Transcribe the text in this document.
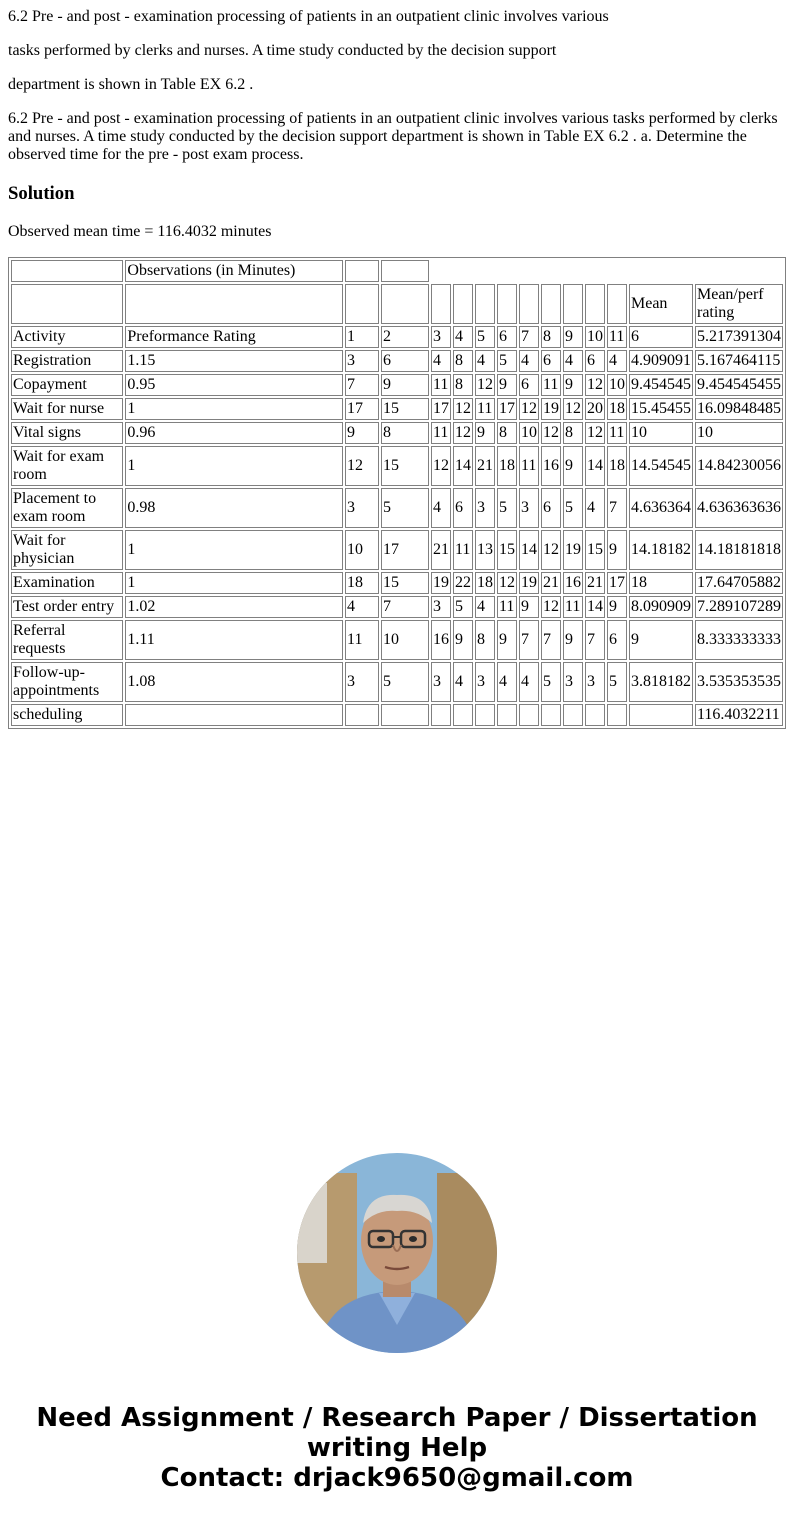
6.2 Pre - and post - examination processing of patients in an outpatient clinic involves various

tasks performed by clerks and nurses. A time study conducted by the decision support

department is shown in Table EX 6.2 .

6.2 Pre - and post - examination processing of patients in an outpatient clinic involves various tasks performed by clerks and nurses. A time study conducted by the decision support department is shown in Table EX 6.2 . a. Determine the observed time for the pre - post exam process.

Solution

Observed mean time = 116.4032 minutes

	Observations (in Minutes)													
													Mean	Mean/perf rating
Activity	Preformance Rating	1	2	3	4	5	6	7	8	9	10	11	6	5.217391304
Registration	1.15	3	6	4	8	4	5	4	6	4	6	4	4.909091	5.167464115
Copayment	0.95	7	9	11	8	12	9	6	11	9	12	10	9.454545	9.454545455
Wait for nurse	1	17	15	17	12	11	17	12	19	12	20	18	15.45455	16.09848485
Vital signs	0.96	9	8	11	12	9	8	10	12	8	12	11	10	10
Wait for exam room	1	12	15	12	14	21	18	11	16	9	14	18	14.54545	14.84230056
Placement to exam room	0.98	3	5	4	6	3	5	3	6	5	4	7	4.636364	4.636363636
Wait for physician	1	10	17	21	11	13	15	14	12	19	15	9	14.18182	14.18181818
Examination	1	18	15	19	22	18	12	19	21	16	21	17	18	17.64705882
Test order entry	1.02	4	7	3	5	4	11	9	12	11	14	9	8.090909	7.289107289
Referral requests	1.11	11	10	16	9	8	9	7	7	9	7	6	9	8.333333333
Follow-up-appointments	1.08	3	5	3	4	3	4	4	5	3	3	5	3.818182	3.535353535
scheduling														116.4032211
Need Assignment / Research Paper / Dissertation
writing Help
Contact: drjack9650@gmail.com
